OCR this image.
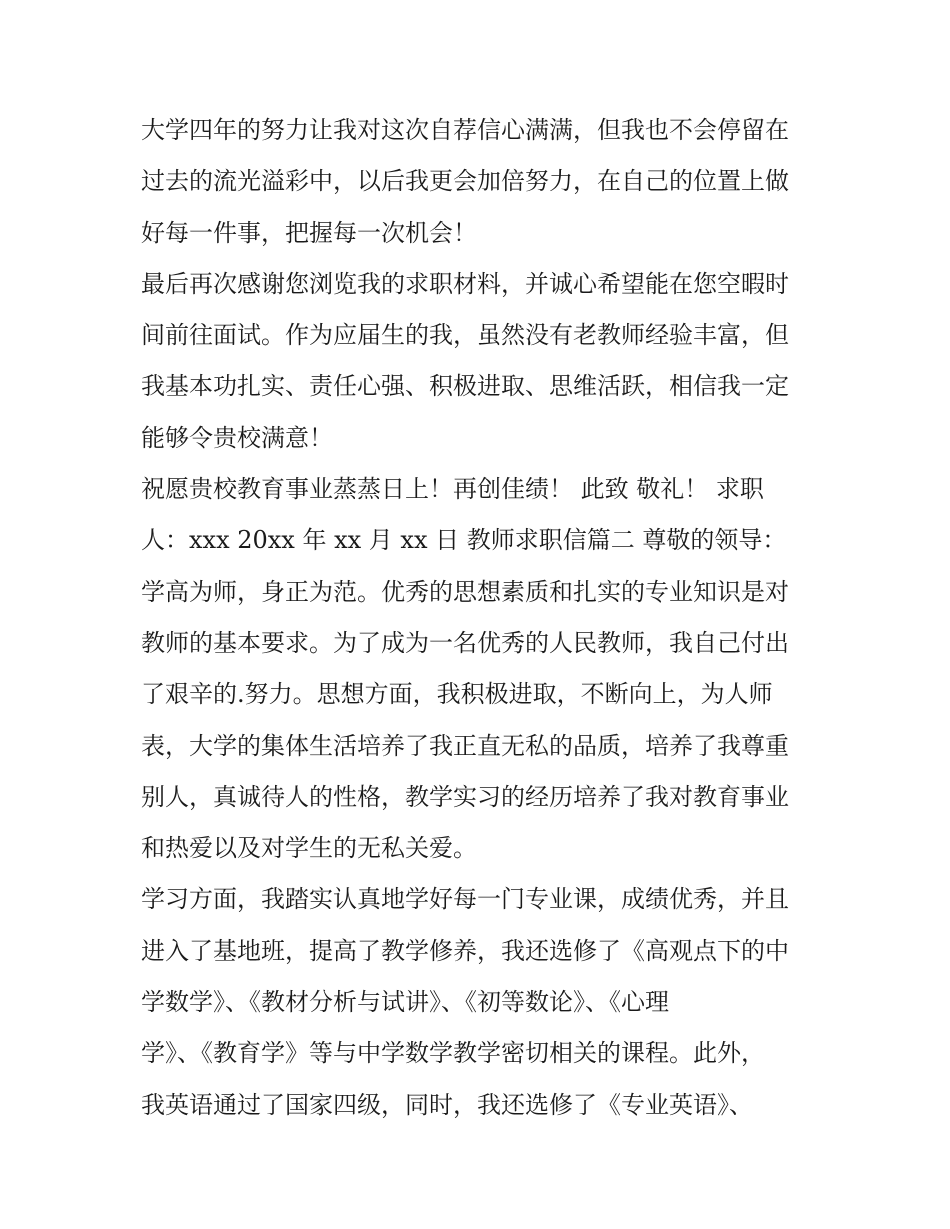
大学四年的努力让我对这次自荐信心满满，但我也不会停留在
过去的流光溢彩中，以后我更会加倍努力，在自己的位置上做
好每一件事，把握每一次机会！
最后再次感谢您浏览我的求职材料，并诚心希望能在您空暇时
间前往面试。作为应届生的我，虽然没有老教师经验丰富，但
我基本功扎实、责任心强、积极进取、思维活跃，相信我一定
能够令贵校满意！
祝愿贵校教育事业蒸蒸日上！再创佳绩！ 此致 敬礼！ 求职
人：xxx 20xx 年 xx 月 xx 日 教师求职信篇二 尊敬的领导：
学高为师，身正为范。优秀的思想素质和扎实的专业知识是对
教师的基本要求。为了成为一名优秀的人民教师，我自己付出
了艰辛的.努力。思想方面，我积极进取，不断向上，为人师
表，大学的集体生活培养了我正直无私的品质，培养了我尊重
别人，真诚待人的性格，教学实习的经历培养了我对教育事业
和热爱以及对学生的无私关爱。
学习方面，我踏实认真地学好每一门专业课，成绩优秀，并且
进入了基地班，提高了教学修养，我还选修了《高观点下的中
学数学》、《教材分析与试讲》、《初等数论》、《心理
学》、《教育学》等与中学数学教学密切相关的课程。此外，
我英语通过了国家四级，同时，我还选修了《专业英语》、
